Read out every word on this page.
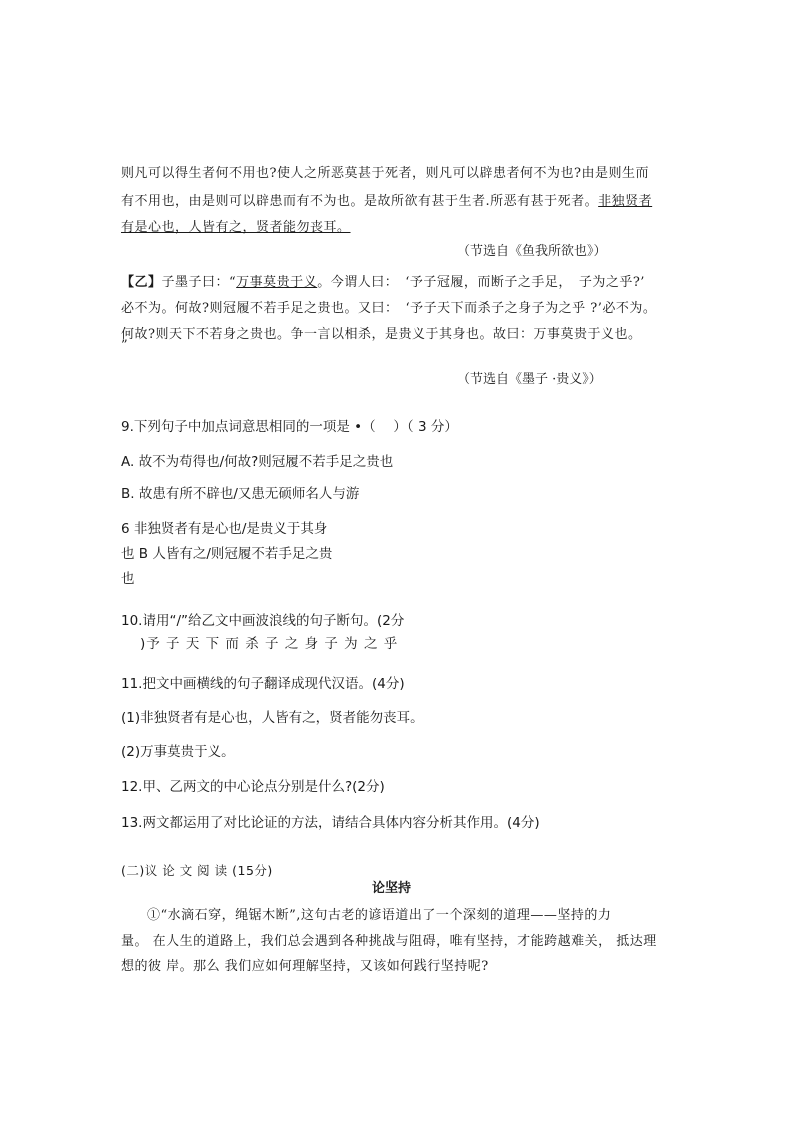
则凡可以得生者何不用也?使人之所恶莫甚于死者，则凡可以辟患者何不为也?由是则生而
有不用也，由是则可以辟患而有不为也。是故所欲有甚于生者.所恶有甚于死者。非独贤者
有是心也，人皆有之，贤者能勿丧耳。
（节选自《鱼我所欲也》）
【乙】子墨子曰：“万事莫贵于义。今谓人曰：　‘予子冠履，而断子之手足，　子为之乎?’
必不为。何故?则冠履不若手足之贵也。又曰：　‘予子天下而杀子之身子为之乎 ?’必不为。
何故?则天下不若身之贵也。争一言以相杀，是贵义于其身也。故曰：万事莫贵于义也。
”
（节选自《墨子 ·贵义》）
9.下列句子中加点词意思相同的一项是 •（　 ）（ 3 分）
A. 故不为苟得也/何故?则冠履不若手足之贵也
B. 故患有所不辟也/又患无硕师名人与游
6 非独贤者有是心也/是贵义于其身
也 B 人皆有之/则冠履不若手足之贵
也
10.请用“/”给乙文中画波浪线的句子断句。(2分
)予 子 天 下 而 杀 子 之 身 子 为 之 乎
11.把文中画横线的句子翻译成现代汉语。(4分)
(1)非独贤者有是心也，人皆有之，贤者能勿丧耳。
(2)万事莫贵于义。
12.甲、乙两文的中心论点分别是什么?(2分)
13.两文都运用了对比论证的方法，请结合具体内容分析其作用。(4分)
(二)议 论 文 阅 读 (15分)
论坚持
①“水滴石穿，绳锯木断”,这句古老的谚语道出了一个深刻的道理——坚持的力
量。 在人生的道路上，我们总会遇到各种挑战与阻碍，唯有坚持，才能跨越难关， 抵达理
想的彼 岸。那么 我们应如何理解坚持，又该如何践行坚持呢?
